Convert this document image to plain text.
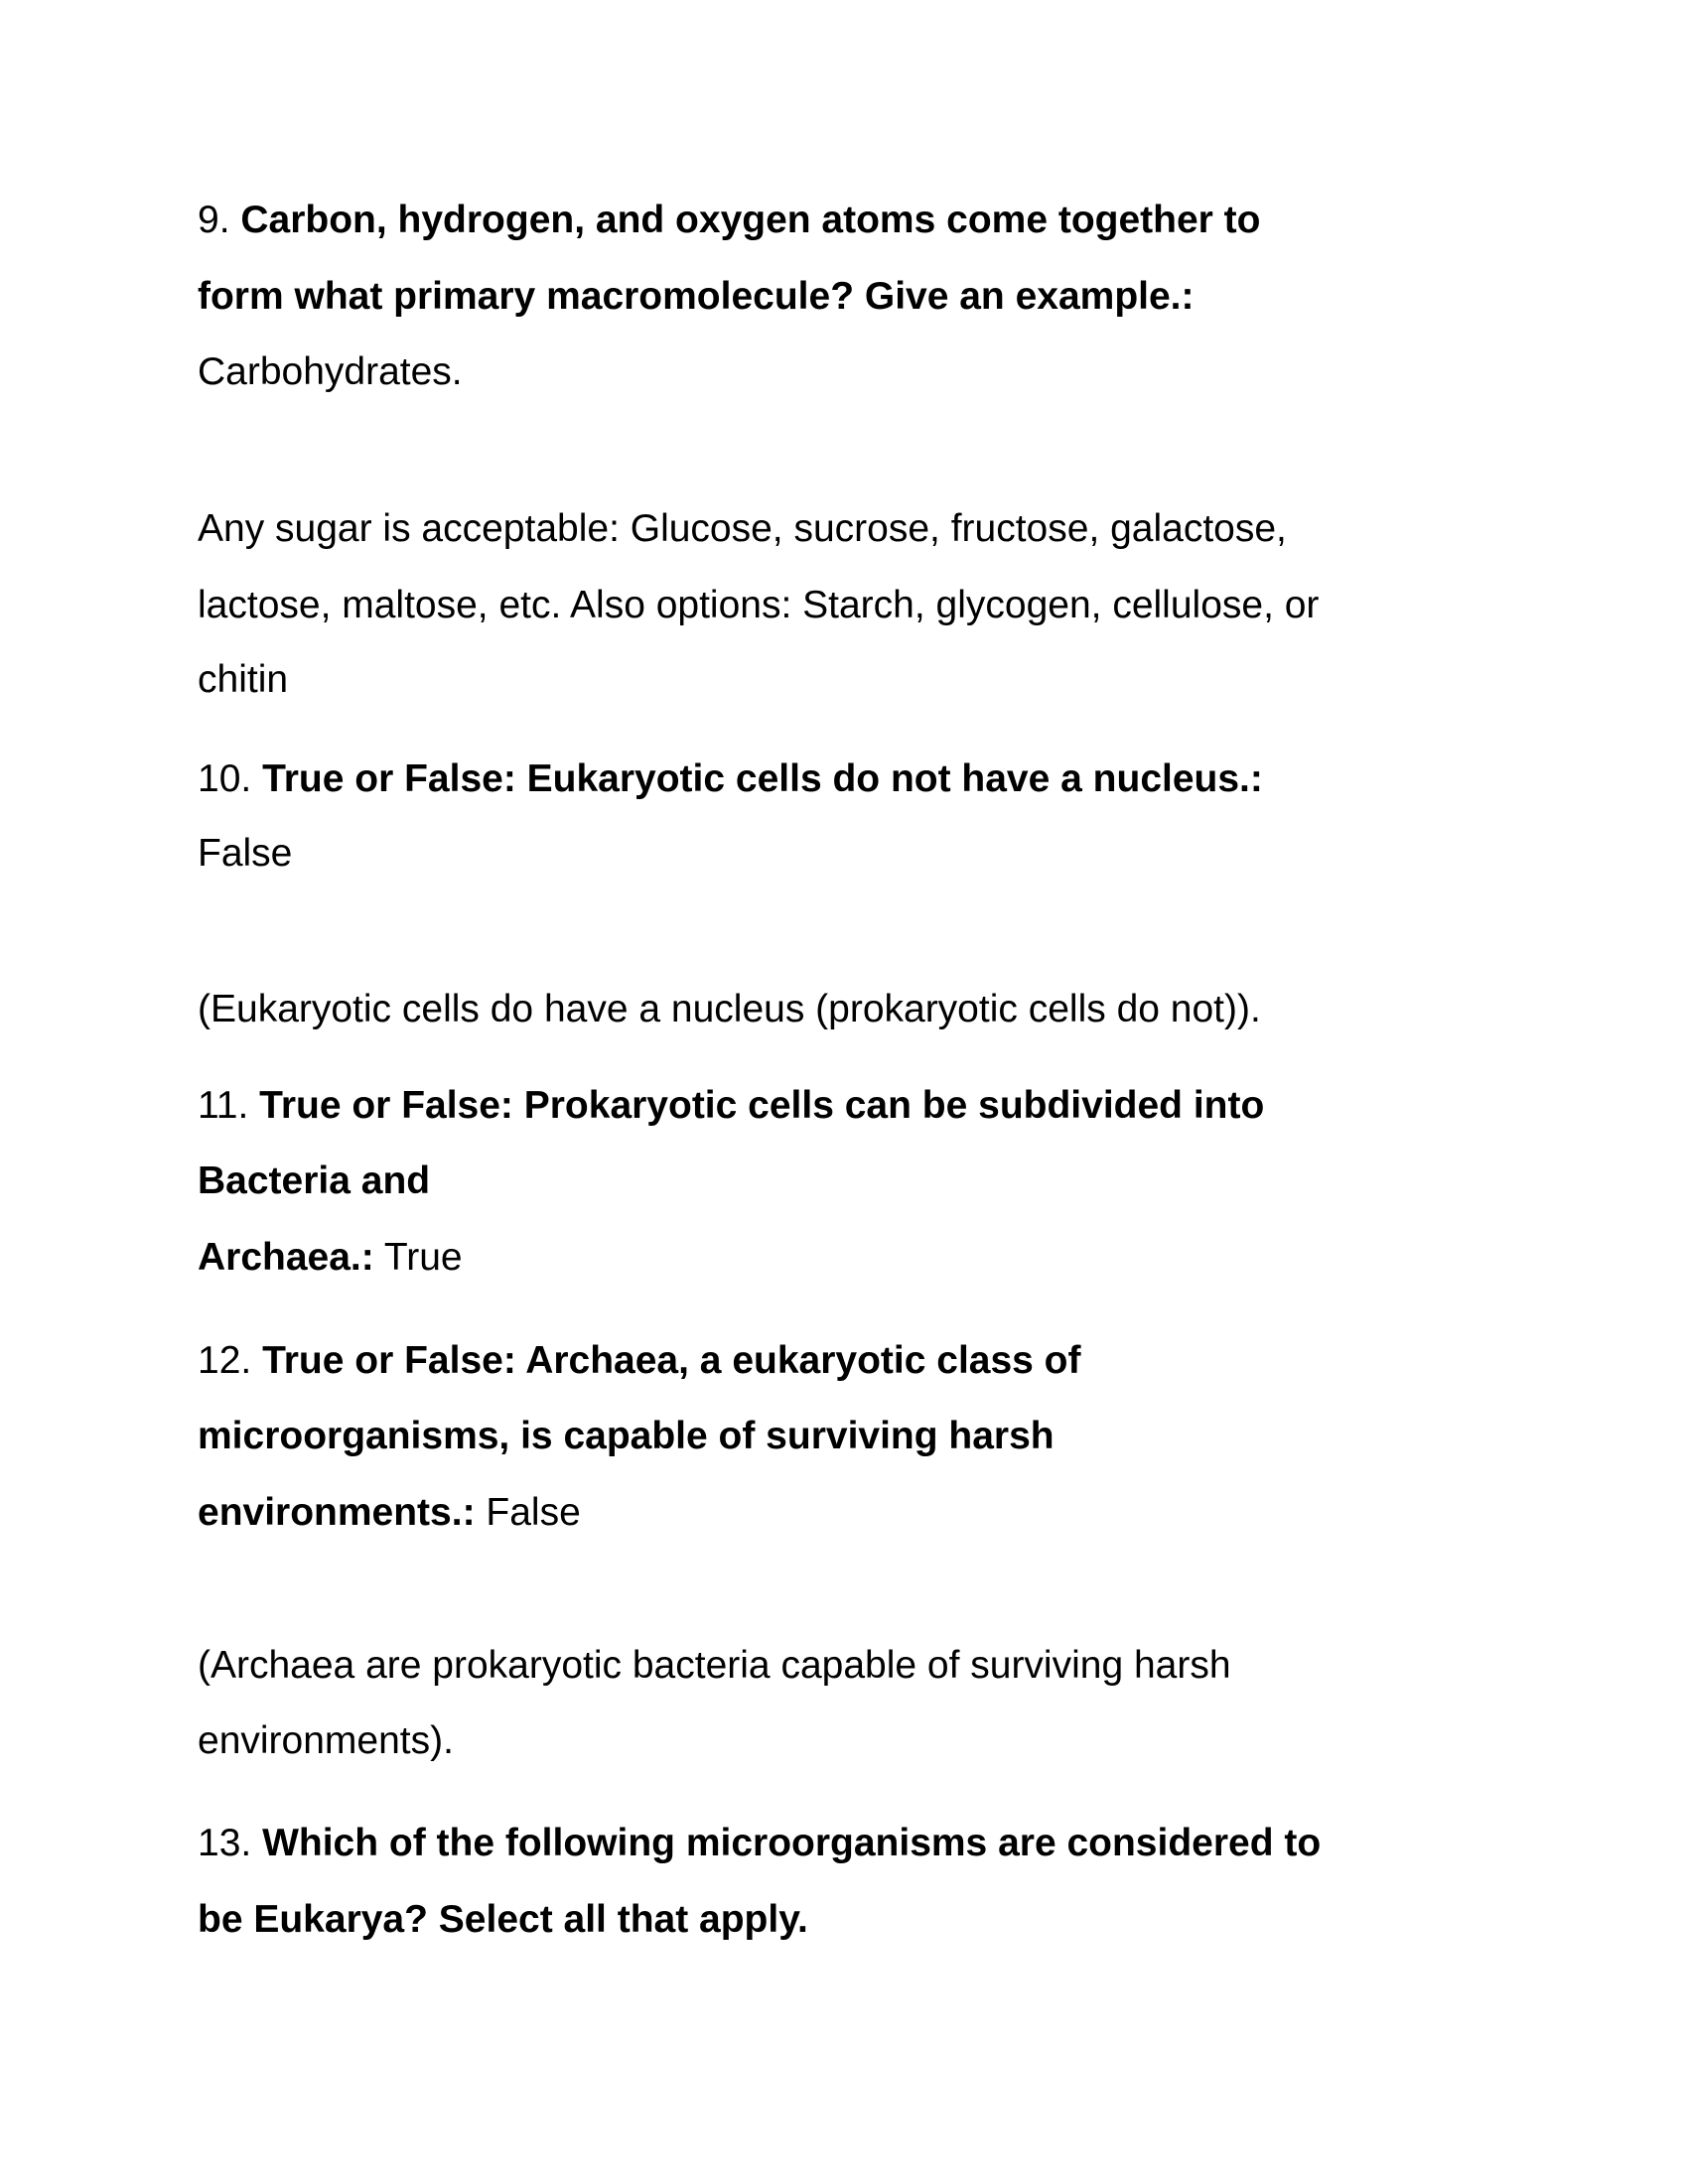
9. Carbon, hydrogen, and oxygen atoms come together to
form what primary macromolecule? Give an example.:
Carbohydrates.
Any sugar is acceptable: Glucose, sucrose, fructose, galactose,
lactose, maltose, etc. Also options: Starch, glycogen, cellulose, or
chitin
10. True or False: Eukaryotic cells do not have a nucleus.:
False
(Eukaryotic cells do have a nucleus (prokaryotic cells do not)).
11. True or False: Prokaryotic cells can be subdivided into
Bacteria and
Archaea.: True
12. True or False: Archaea, a eukaryotic class of
microorganisms, is capable of surviving harsh
environments.: False
(Archaea are prokaryotic bacteria capable of surviving harsh
environments).
13. Which of the following microorganisms are considered to
be Eukarya? Select all that apply.
